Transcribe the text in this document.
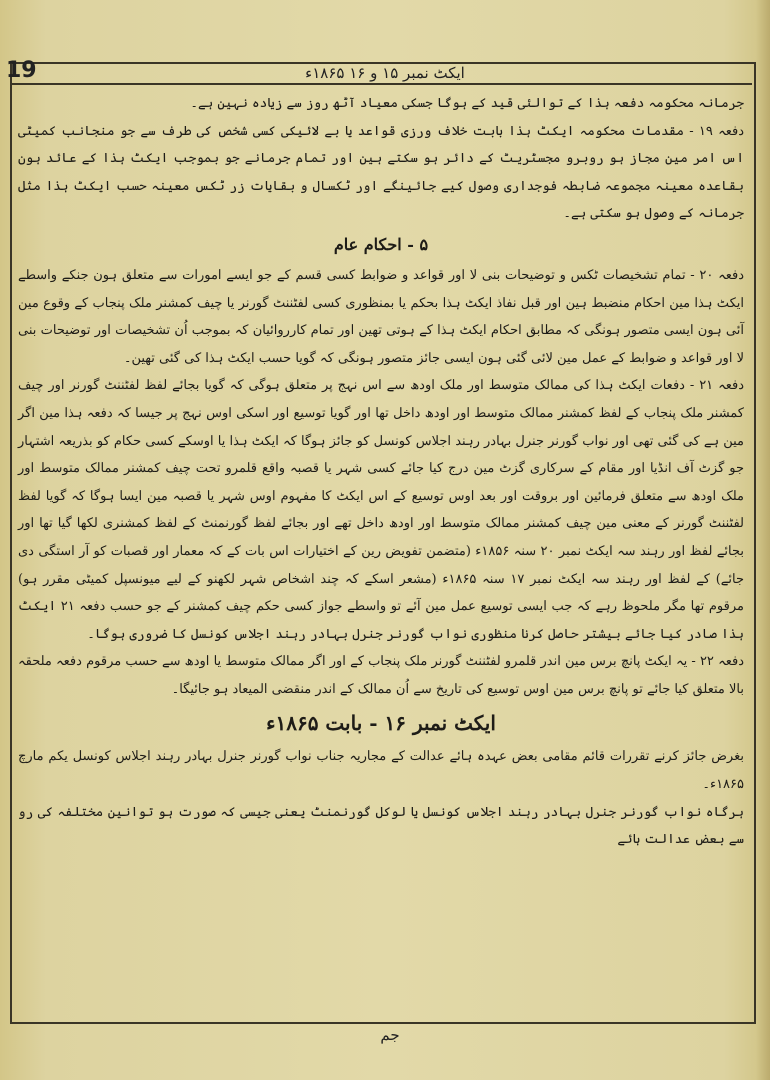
19	ایکٹ نمبر ۱۵ و ۱۶ ۱۸۶۵ء

جرمانہ محکومہ دفعہ ہذا کے توالئی قید کے ہوگا جسکی معیاد آٹھ روز سے زیادہ نہین ہے۔

دفعہ ۱۹ - مقدمات محکومہ ایکٹ ہذا بابت خلاف ورزی قواعد یا بے لائیکی کسی شخص کی طرف سے جو منجانب کمیٹی اس امر مین مجاز ہو روبرو مجسٹریٹ کے دائر ہو سکتے ہین اور تمام جرمانے جو بموجب ایکٹ ہذا کے عائد ہون بقاعدہ معینہ مجموعہ ضابطہ فوجداری وصول کیے جائینگے اور ٹکسال و بقایات زر ٹکس معینہ حسب ایکٹ ہذا مثل جرمانہ کے وصول ہو سکتی ہے۔

۵ - احکام عام

دفعہ ۲۰ - تمام تشخیصات ٹکس و توضیحات بنی لا اور قواعد و ضوابط کسی قسم کے جو ایسے امورات سے متعلق ہون جنکے واسطے ایکٹ ہذا مین احکام منضبط ہین اور قبل نفاذ ایکٹ ہذا بحکم یا بمنظوری کسی لفٹننٹ گورنر یا چیف کمشنر ملک پنجاب کے وقوع مین آئی ہون ایسی متصور ہونگی کہ مطابق احکام ایکٹ ہذا کے ہوتی تھین اور تمام کارروائیان کہ بموجب اُن تشخیصات اور توضیحات بنی لا اور قواعد و ضوابط کے عمل مین لائی گئی ہون ایسی جائز متصور ہونگی کہ گویا حسب ایکٹ ہذا کی گئی تھین۔

دفعہ ۲۱ - دفعات ایکٹ ہذا کی ممالک متوسط اور ملک اودھ سے اس نہج پر متعلق ہوگی کہ گویا بجائے لفظ لفٹننٹ گورنر اور چیف کمشنر ملک پنجاب کے لفظ کمشنر ممالک متوسط اور اودھ داخل تھا اور گویا توسیع اور اسکی اوس نہج پر جیسا کہ دفعہ ہذا مین اگر مین ہے کی گئی تھی اور نواب گورنر جنرل بہادر رہند اجلاس کونسل کو جائز ہوگا کہ ایکٹ ہذا یا اوسکے کسی حکام کو بذریعہ اشتہار جو گزٹ آف انڈیا اور مقام کے سرکاری گزٹ مین درج کیا جائے کسی شہر یا قصبہ واقع قلمرو تحت چیف کمشنر ممالک متوسط اور ملک اودھ سے متعلق فرمائین اور بروقت اور بعد اوس توسیع کے اس ایکٹ کا مفہوم اوس شہر یا قصبہ مین ایسا ہوگا کہ گویا لفظ لفٹننٹ گورنر کے معنی مین چیف کمشنر ممالک متوسط اور اودھ داخل تھے اور بجائے لفظ گورنمنٹ کے لفظ کمشنری لکھا گیا تھا اور بجائے لفظ اور رہند سہ ایکٹ نمبر ۲۰ سنہ ۱۸۵۶ء (متضمن تفویض رین کے اختیارات اس بات کے کہ معمار اور قصبات کو آر استگی دی جائے) کے لفظ اور رہند سہ ایکٹ نمبر ۱۷ سنہ ۱۸۶۵ء (مشعر اسکے کہ چند اشخاص شہر لکھنو کے لیے میونسپل کمیٹی مقرر ہو) مرقوم تھا مگر ملحوظ رہے کہ جب ایسی توسیع عمل مین آئے تو واسطے جواز کسی حکم چیف کمشنر کے جو حسب دفعہ ۲۱ ایکٹ ہذا صادر کیا جائے بیشتر حاصل کرنا منظوری نواب گورنر جنرل بہادر رہند اجلاس کونسل کا ضروری ہوگا۔

دفعہ ۲۲ - یہ ایکٹ پانچ برس مین اندر قلمرو لفٹننٹ گورنر ملک پنجاب کے اور اگر ممالک متوسط یا اودھ سے حسب مرقوم دفعہ ملحقہ بالا متعلق کیا جائے تو پانچ برس مین اوس توسیع کی تاریخ سے اُن ممالک کے اندر منقضی المیعاد ہو جائیگا۔

ایکٹ نمبر ۱۶ - بابت ۱۸۶۵ء

بغرض جائز کرنے تقررات قائم مقامی بعض عہدہ ہائے عدالت کے مجاریہ جناب نواب گورنر جنرل بہادر رہند اجلاس کونسل یکم مارچ ۱۸۶۵ء۔

ہرگاہ نواب گورنر جنرل بہادر رہند اجلاس کونسل یا لوکل گورنمنٹ یعنی جیسی کہ صورت ہو توانین مختلفہ کی رو سے بعض عدالت ہائے

جم
